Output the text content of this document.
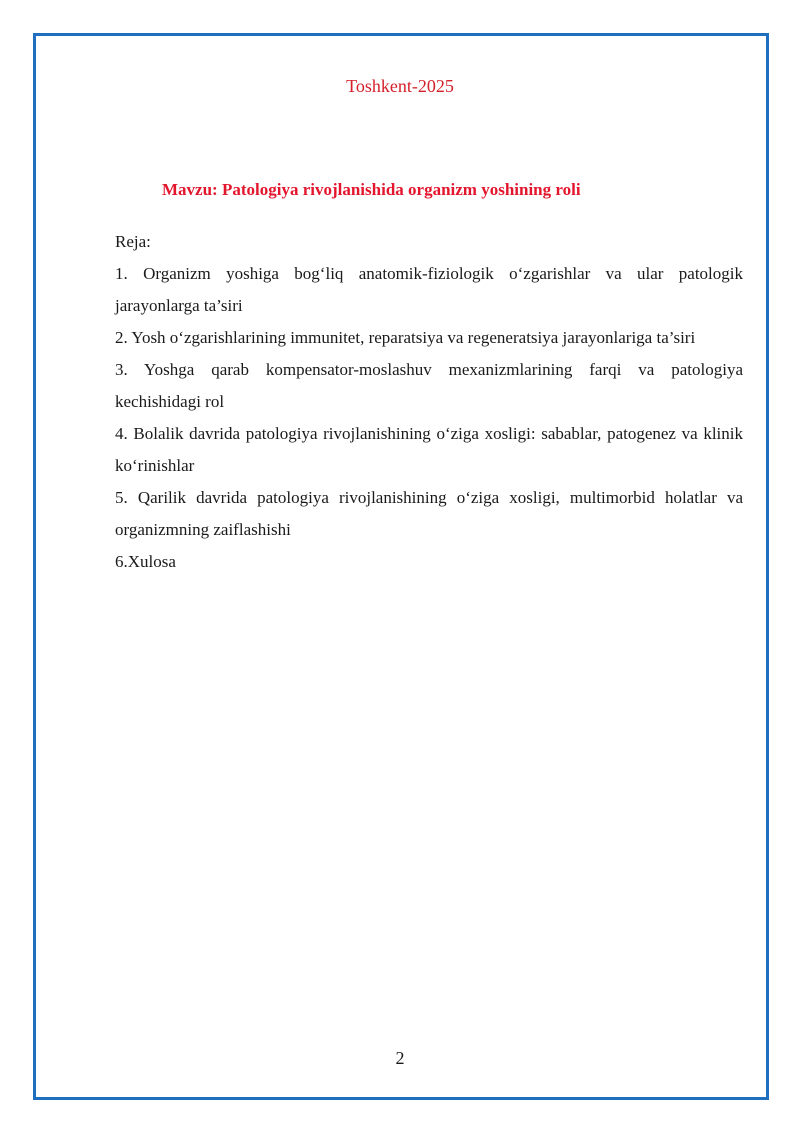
Toshkent-2025
Mavzu: Patologiya rivojlanishida organizm yoshining roli

Reja:

1. Organizm yoshiga bog‘liq anatomik-fiziologik o‘zgarishlar va ular patologik jarayonlarga ta’siri
2. Yosh o‘zgarishlarining immunitet, reparatsiya va regeneratsiya jarayonlariga ta’siri
3. Yoshga qarab kompensator-moslashuv mexanizmlarining farqi va patologiya kechishidagi rol
4. Bolalik davrida patologiya rivojlanishining o‘ziga xosligi: sabablar, patogenez va klinik ko‘rinishlar
5. Qarilik davrida patologiya rivojlanishining o‘ziga xosligi, multimorbid holatlar va organizmning zaiflashishi
6.Xulosa
2
